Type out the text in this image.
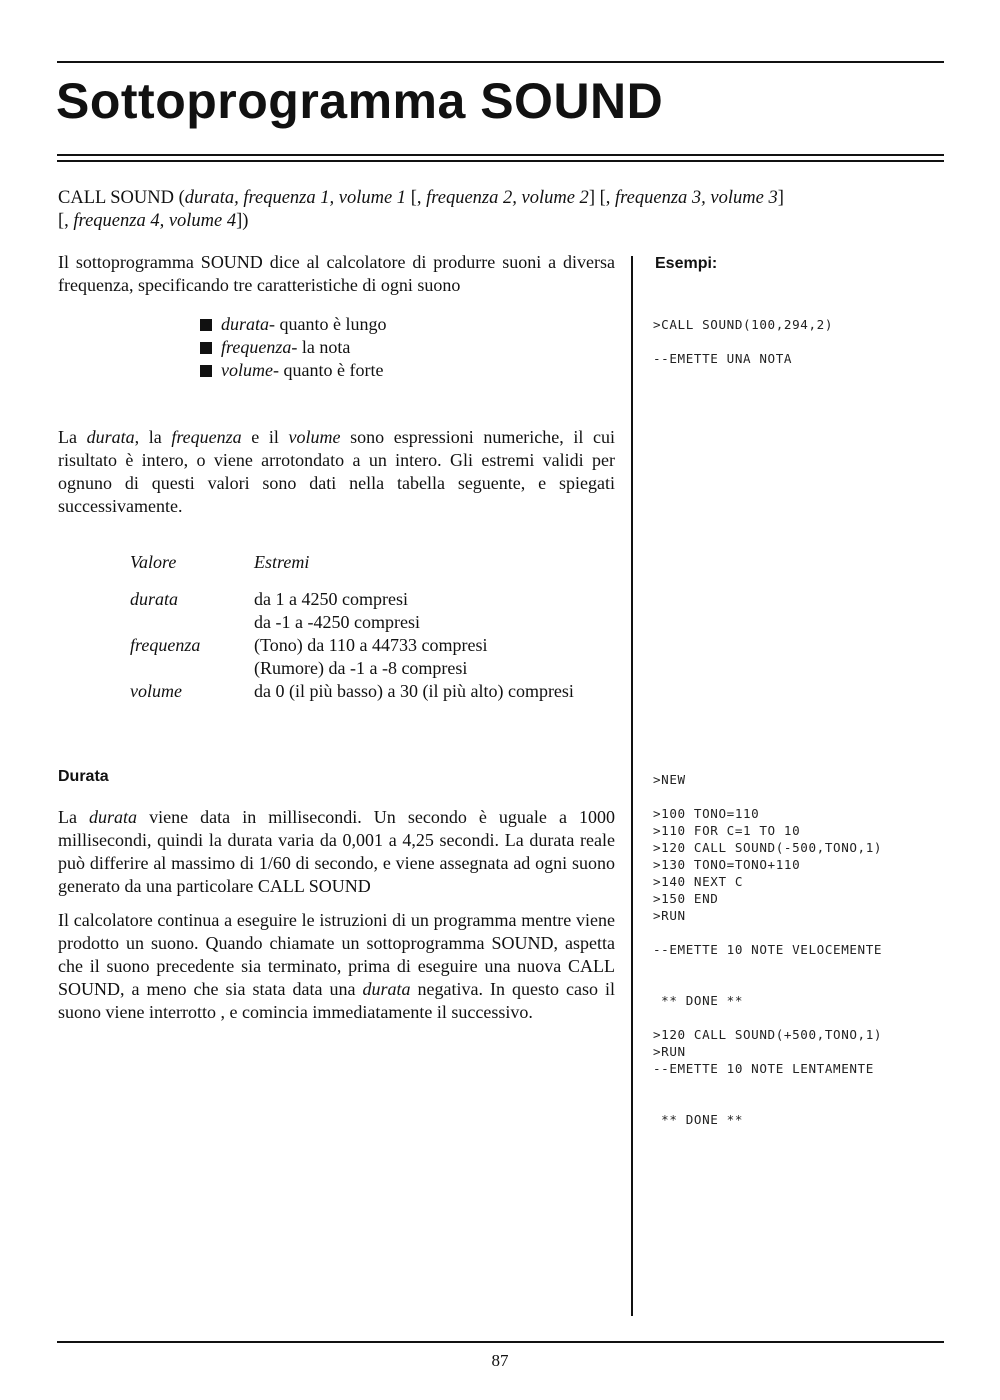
Sottoprogramma SOUND
CALL SOUND (durata, frequenza 1, volume 1 [, frequenza 2, volume 2] [, frequenza 3, volume 3]
[, frequenza 4, volume 4])

Il sottoprogramma SOUND dice al calcolatore di produrre suoni a diversa frequenza, specificando tre caratteristiche di ogni suono

durata - quanto è lungo
frequenza - la nota
volume - quanto è forte

La durata, la frequenza e il volume sono espressioni numeriche, il cui risultato è intero, o viene arrotondato a un intero. Gli estremi validi per ognuno di questi valori sono dati nella tabella seguente, e spiegati successivamente.

Valore	Estremi
durata	da 1 a 4250 compresi
da -1 a -4250 compresi
frequenza	(Tono) da 110 a 44733 compresi
(Rumore) da -1 a -8 compresi
volume	da 0 (il più basso) a 30 (il più alto) compresi
Durata

La durata viene data in millisecondi. Un secondo è uguale a 1000 millisecondi, quindi la durata varia da 0,001 a 4,25 secondi. La durata reale può differire al massimo di 1/60 di secondo, e viene assegnata ad ogni suono generato da una particolare CALL SOUND

Il calcolatore continua a eseguire le istruzioni di un programma mentre viene prodotto un suono. Quando chiamate un sottoprogramma SOUND, aspetta che il suono precedente sia terminato, prima di eseguire una nuova CALL SOUND, a meno che sia stata data una durata negativa. In questo caso il suono viene interrotto , e comincia immediatamente il successivo.

Esempi:
>CALL SOUND(100,294,2)

--EMETTE UNA NOTA
>NEW

>100 TONO=110
>110 FOR C=1 TO 10
>120 CALL SOUND(-500,TONO,1)
>130 TONO=TONO+110
>140 NEXT C
>150 END
>RUN

--EMETTE 10 NOTE VELOCEMENTE

** DONE **

>120 CALL SOUND(+500,TONO,1)
>RUN
--EMETTE 10 NOTE LENTAMENTE

** DONE **
87
